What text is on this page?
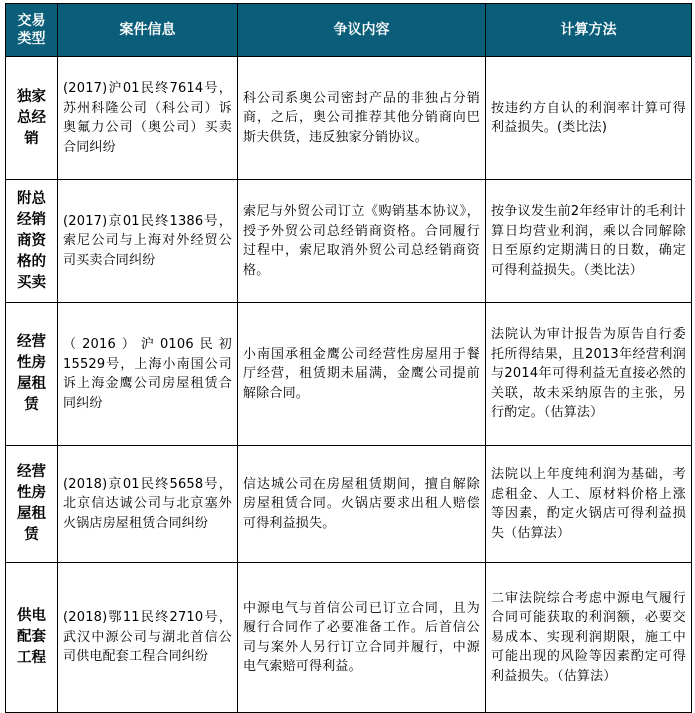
交易类型	案件信息	争议内容	计算方法
独家总经销	(2017)沪01民终7614号，苏州科隆公司（科公司）诉奥氟力公司（奥公司）买卖合同纠纷	科公司系奥公司密封产品的非独占分销商，之后，奥公司推荐其他分销商向巴斯夫供货，违反独家分销协议。	按违约方自认的利润率计算可得利益损失。(类比法)
附总经销商资格的买卖	(2017)京01民终1386号，索尼公司与上海对外经贸公司买卖合同纠纷	索尼与外贸公司订立《购销基本协议》，授予外贸公司总经销商资格。合同履行过程中，索尼取消外贸公司总经销商资格。	按争议发生前2年经审计的毛利计算日均营业利润，乘以合同解除日至原约定期满日的日数，确定可得利益损失。（类比法）
经营性房屋租赁	（2016）沪0106民初15529号，上海小南国公司诉上海金鹰公司房屋租赁合同纠纷	小南国承租金鹰公司经营性房屋用于餐厅经营，租赁期未届满，金鹰公司提前解除合同。	法院认为审计报告为原告自行委托所得结果，且2013年经营利润与2014年可得利益无直接必然的关联，故未采纳原告的主张，另行酌定。（估算法）
经营性房屋租赁	(2018)京01民终5658号，北京信达诚公司与北京塞外火锅店房屋租赁合同纠纷	信达城公司在房屋租赁期间，擅自解除房屋租赁合同。火锅店要求出租人赔偿可得利益损失。	法院以上年度纯利润为基础，考虑租金、人工、原材料价格上涨等因素，酌定火锅店可得利益损失（估算法）
供电配套工程	(2018)鄂11民终2710号，武汉中源公司与湖北首信公司供电配套工程合同纠纷	中源电气与首信公司已订立合同，且为履行合同作了必要准备工作。后首信公司与案外人另行订立合同并履行，中源电气索赔可得利益。	二审法院综合考虑中源电气履行合同可能获取的利润额，必要交易成本、实现利润期限，施工中可能出现的风险等因素酌定可得利益损失。（估算法）
